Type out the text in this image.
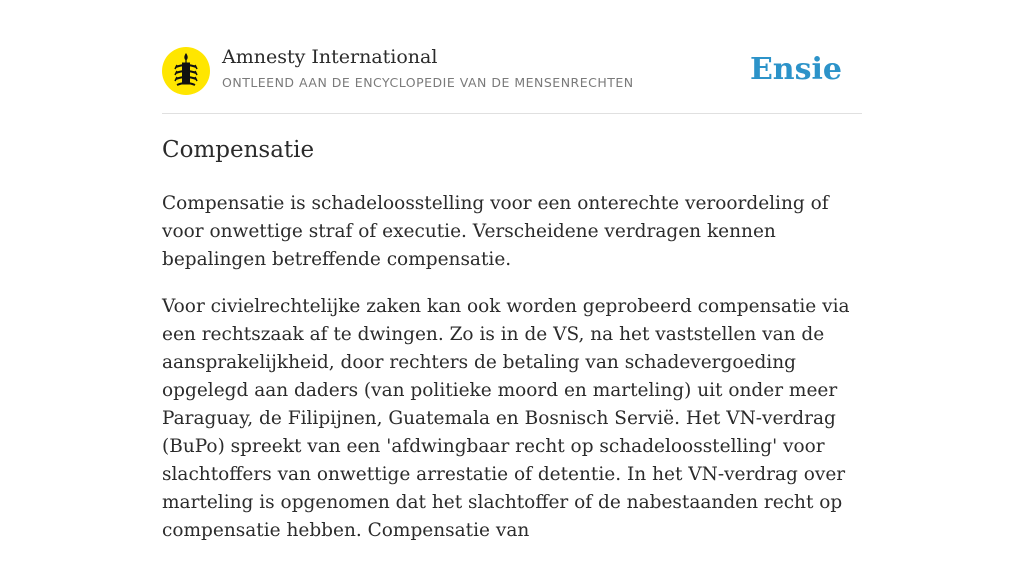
Amnesty International
ONTLEEND AAN DE ENCYCLOPEDIE VAN DE MENSENRECHTEN	Ensie
Compensatie

Compensatie is schadeloosstelling voor een onterechte veroordeling of voor onwettige straf of executie. Verscheidene verdragen kennen bepalingen betreffende compensatie.

Voor civielrechtelijke zaken kan ook worden geprobeerd compensatie via een rechtszaak af te dwingen. Zo is in de VS, na het vaststellen van de aansprakelijkheid, door rechters de betaling van schadevergoeding opgelegd aan daders (van politieke moord en marteling) uit onder meer Paraguay, de Filipijnen, Guatemala en Bosnisch Servië. Het VN-verdrag (BuPo) spreekt van een 'afdwingbaar recht op schadeloosstelling' voor slachtoffers van onwettige arrestatie of detentie. In het VN-verdrag over marteling is opgenomen dat het slachtoffer of de nabestaanden recht op compensatie hebben. Compensatie van
